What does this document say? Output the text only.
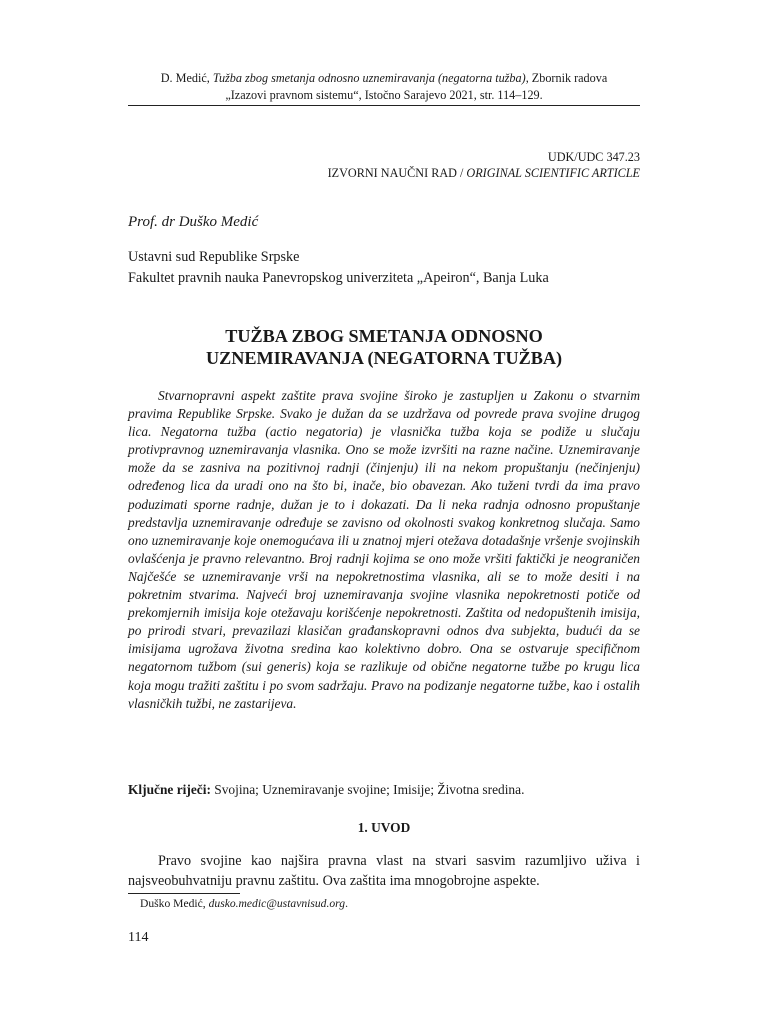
D. Medić, Tužba zbog smetanja odnosno uznemiravanja (negatorna tužba), Zbornik radova
„Izazovi pravnom sistemu“, Istočno Sarajevo 2021, str. 114–129.
UDK/UDC 347.23
IZVORNI NAUČNI RAD / ORIGINAL SCIENTIFIC ARTICLE
Prof. dr Duško Medić
Ustavni sud Republike Srpske
Fakultet pravnih nauka Panevropskog univerziteta „Apeiron“, Banja Luka
TUŽBA ZBOG SMETANJA ODNOSNO
UZNEMIRAVANJA (NEGATORNA TUŽBA)

Stvarnopravni aspekt zaštite prava svojine široko je zastupljen u Zakonu o stvarnim pravima Republike Srpske. Svako je dužan da se uzdržava od povrede prava svojine drugog lica. Negatorna tužba (actio negatoria) je vlasnička tužba koja se podiže u slučaju protivpravnog uznemiravanja vlasnika. Ono se može izvršiti na razne načine. Uznemiravanje može da se zasniva na pozitivnoj radnji (činjenju) ili na nekom propuštanju (nečinjenju) određenog lica da uradi ono na što bi, inače, bio obavezan. Ako tuženi tvrdi da ima pravo poduzimati sporne radnje, dužan je to i dokazati. Da li neka radnja odnosno propuštanje predstavlja uznemiravanje određuje se zavisno od okolnosti svakog konkretnog slučaja. Samo ono uznemiravanje koje onemogućava ili u znatnoj mjeri otežava dotadašnje vršenje svojinskih ovlašćenja je pravno relevantno. Broj radnji kojima se ono može vršiti faktički je neograničen Najčešće se uznemiravanje vrši na nepokretnostima vlasnika, ali se to može desiti i na pokretnim stvarima. Najveći broj uznemiravanja svojine vlasnika nepokretnosti potiče od prekomjernih imisija koje otežavaju korišćenje nepokretnosti. Zaštita od nedopuštenih imisija, po prirodi stvari, prevazilazi klasičan građanskopravni odnos dva subjekta, budući da se imisijama ugrožava životna sredina kao kolektivno dobro. Ona se ostvaruje specifičnom negatornom tužbom (sui generis) koja se razlikuje od obične negatorne tužbe po krugu lica koja mogu tražiti zaštitu i po svom sadržaju. Pravo na podizanje negatorne tužbe, kao i ostalih vlasničkih tužbi, ne zastarijeva.

Ključne riječi: Svojina; Uznemiravanje svojine; Imisije; Životna sredina.
1. UVOD

Pravo svojine kao najšira pravna vlast na stvari sasvim razumljivo uživa i najsveobuhvatniju pravnu zaštitu. Ova zaštita ima mnogobrojne aspekte.

Duško Medić, dusko.medic@ustavnisud.org.
114
